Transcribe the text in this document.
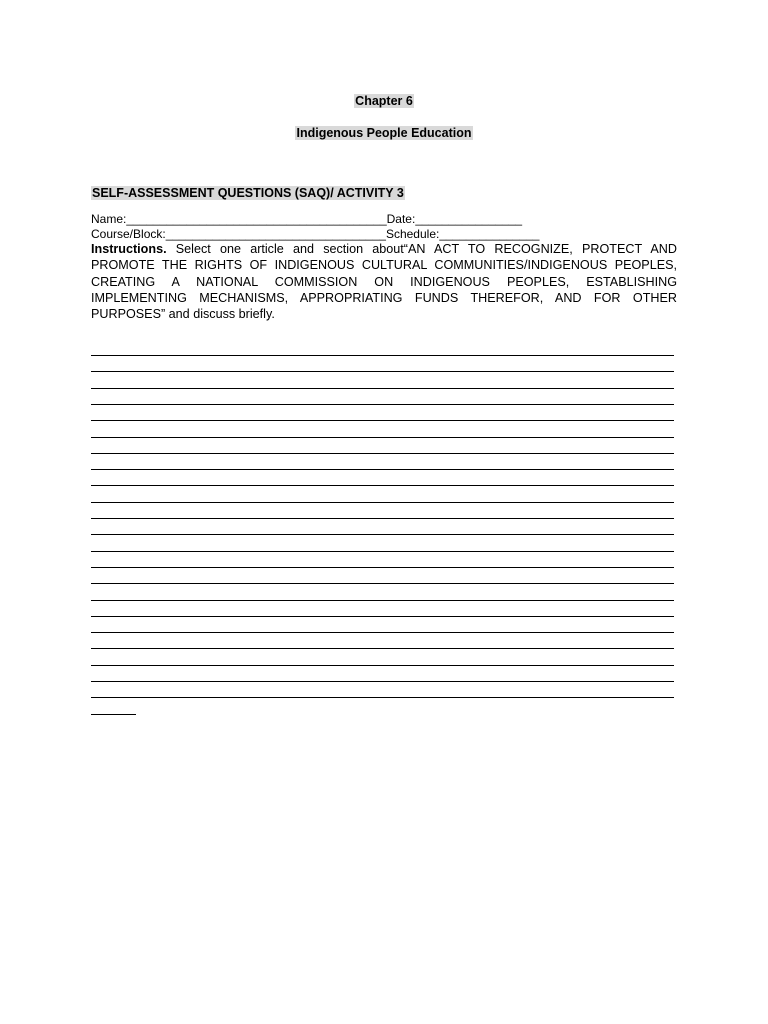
Chapter 6
Indigenous People Education
SELF-ASSESSMENT QUESTIONS (SAQ)/ ACTIVITY 3
Name:_______________________________________Date:________________
Course/Block:_________________________________Schedule:_______________
Instructions. Select one article and section about“AN ACT TO RECOGNIZE, PROTECT AND PROMOTE THE RIGHTS OF INDIGENOUS CULTURAL COMMUNITIES/INDIGENOUS PEOPLES, CREATING A NATIONAL COMMISSION ON INDIGENOUS PEOPLES, ESTABLISHING IMPLEMENTING MECHANISMS, APPROPRIATING FUNDS THEREFOR, AND FOR OTHER PURPOSES” and discuss briefly.
